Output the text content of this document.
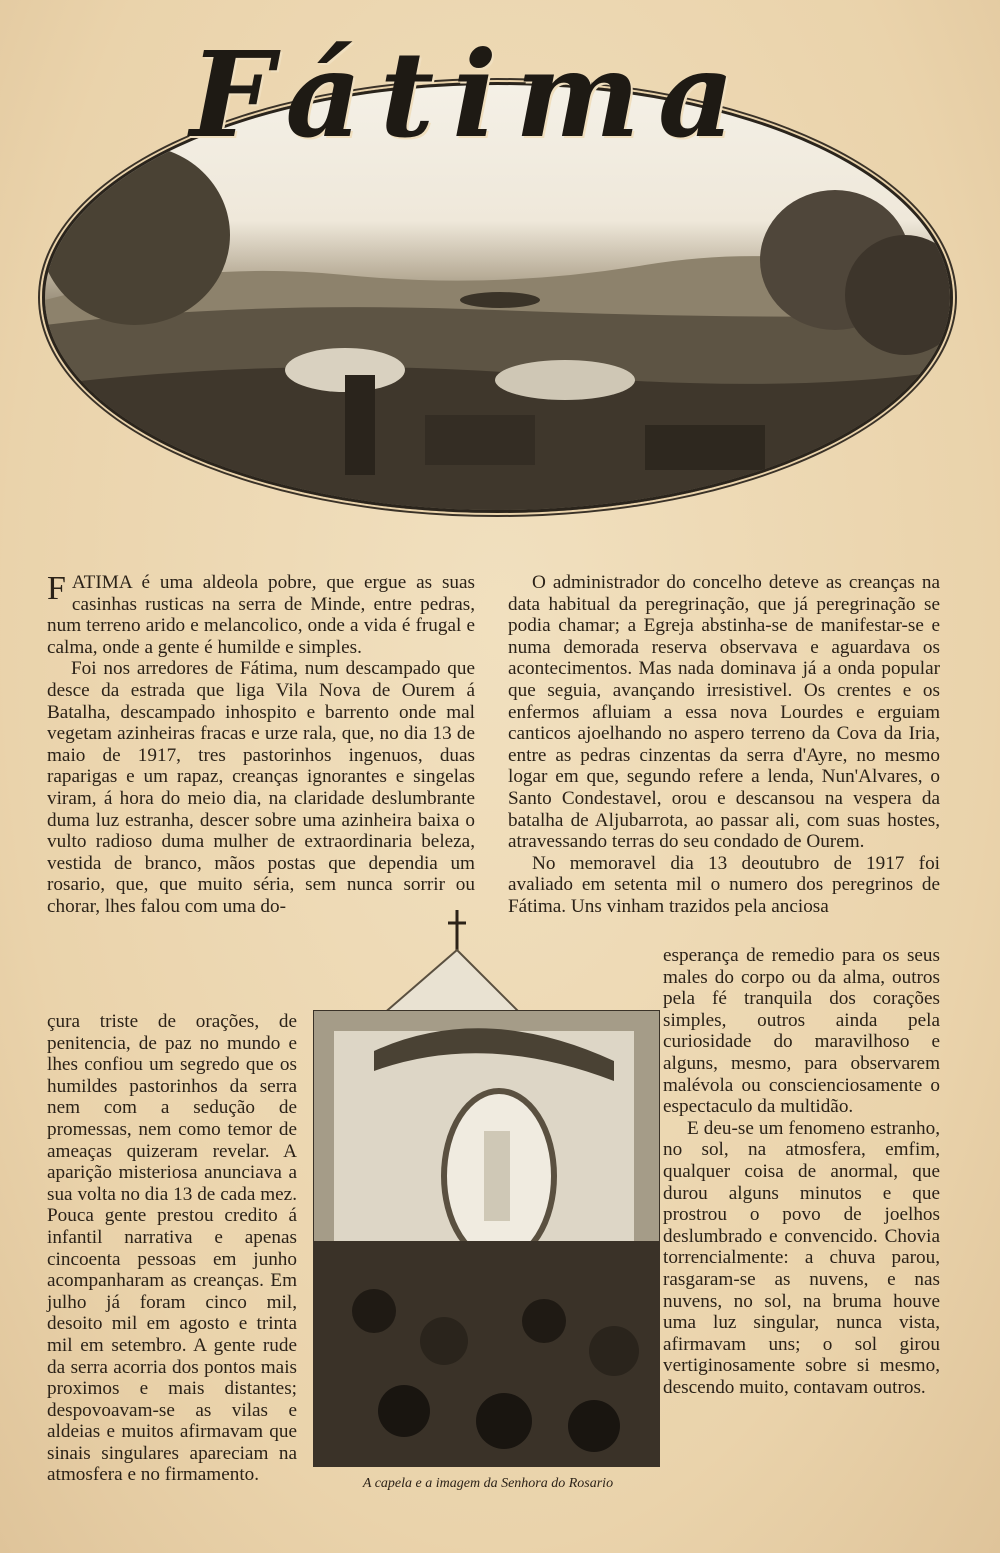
Fátima

FATIMA é uma aldeola pobre, que ergue as suas casinhas rusticas na serra de Minde, entre pedras, num terreno arido e melancolico, onde a vida é frugal e calma, onde a gente é humilde e simples.

Foi nos arredores de Fátima, num descampado que desce da estrada que liga Vila Nova de Ourem á Batalha, descampado inhospito e barrento onde mal vegetam azinheiras fracas e urze rala, que, no dia 13 de maio de 1917, tres pastorinhos ingenuos, duas raparigas e um rapaz, creanças ignorantes e singelas viram, á hora do meio dia, na claridade deslumbrante duma luz estranha, descer sobre uma azinheira baixa o vulto radioso duma mulher de extraordinaria beleza, vestida de branco, mãos postas que dependia um rosario, que, que muito séria, sem nunca sorrir ou chorar, lhes falou com uma do-

çura triste de orações, de penitencia, de paz no mundo e lhes confiou um segredo que os humildes pastorinhos da serra nem com a sedução de promessas, nem como temor de ameaças quizeram revelar. A aparição misteriosa anunciava a sua volta no dia 13 de cada mez. Pouca gente prestou credito á infantil narrativa e apenas cincoenta pessoas em junho acompanharam as creanças. Em julho já foram cinco mil, desoito mil em agosto e trinta mil em setembro. A gente rude da serra acorria dos pontos mais proximos e mais distantes; despovoavam-se as vilas e aldeias e muitos afirmavam que sinais singulares apareciam na atmosfera e no firmamento.

O administrador do concelho deteve as creanças na data habitual da peregrinação, que já peregrinação se podia chamar; a Egreja abstinha-se de manifestar-se e numa demorada reserva observava e aguardava os acontecimentos. Mas nada dominava já a onda popular que seguia, avançando irresistivel. Os crentes e os enfermos afluiam a essa nova Lourdes e erguiam canticos ajoelhando no aspero terreno da Cova da Iria, entre as pedras cinzentas da serra d'Ayre, no mesmo logar em que, segundo refere a lenda, Nun'Alvares, o Santo Condestavel, orou e descansou na vespera da batalha de Aljubarrota, ao passar ali, com suas hostes, atravessando terras do seu condado de Ourem.

No memoravel dia 13 deoutubro de 1917 foi avaliado em setenta mil o numero dos peregrinos de Fátima. Uns vinham trazidos pela anciosa

esperança de remedio para os seus males do corpo ou da alma, outros pela fé tranquila dos corações simples, outros ainda pela curiosidade do maravilhoso e alguns, mesmo, para observarem malévola ou conscienciosamente o espectaculo da multidão.

E deu-se um fenomeno estranho, no sol, na atmosfera, emfim, qualquer coisa de anormal, que durou alguns minutos e que prostrou o povo de joelhos deslumbrado e convencido. Chovia torrencialmente: a chuva parou, rasgaram-se as nuvens, e nas nuvens, no sol, na bruma houve uma luz singular, nunca vista, afirmavam uns; o sol girou vertiginosamente sobre si mesmo, descendo muito, contavam outros.

A capela e a imagem da Senhora do Rosario
